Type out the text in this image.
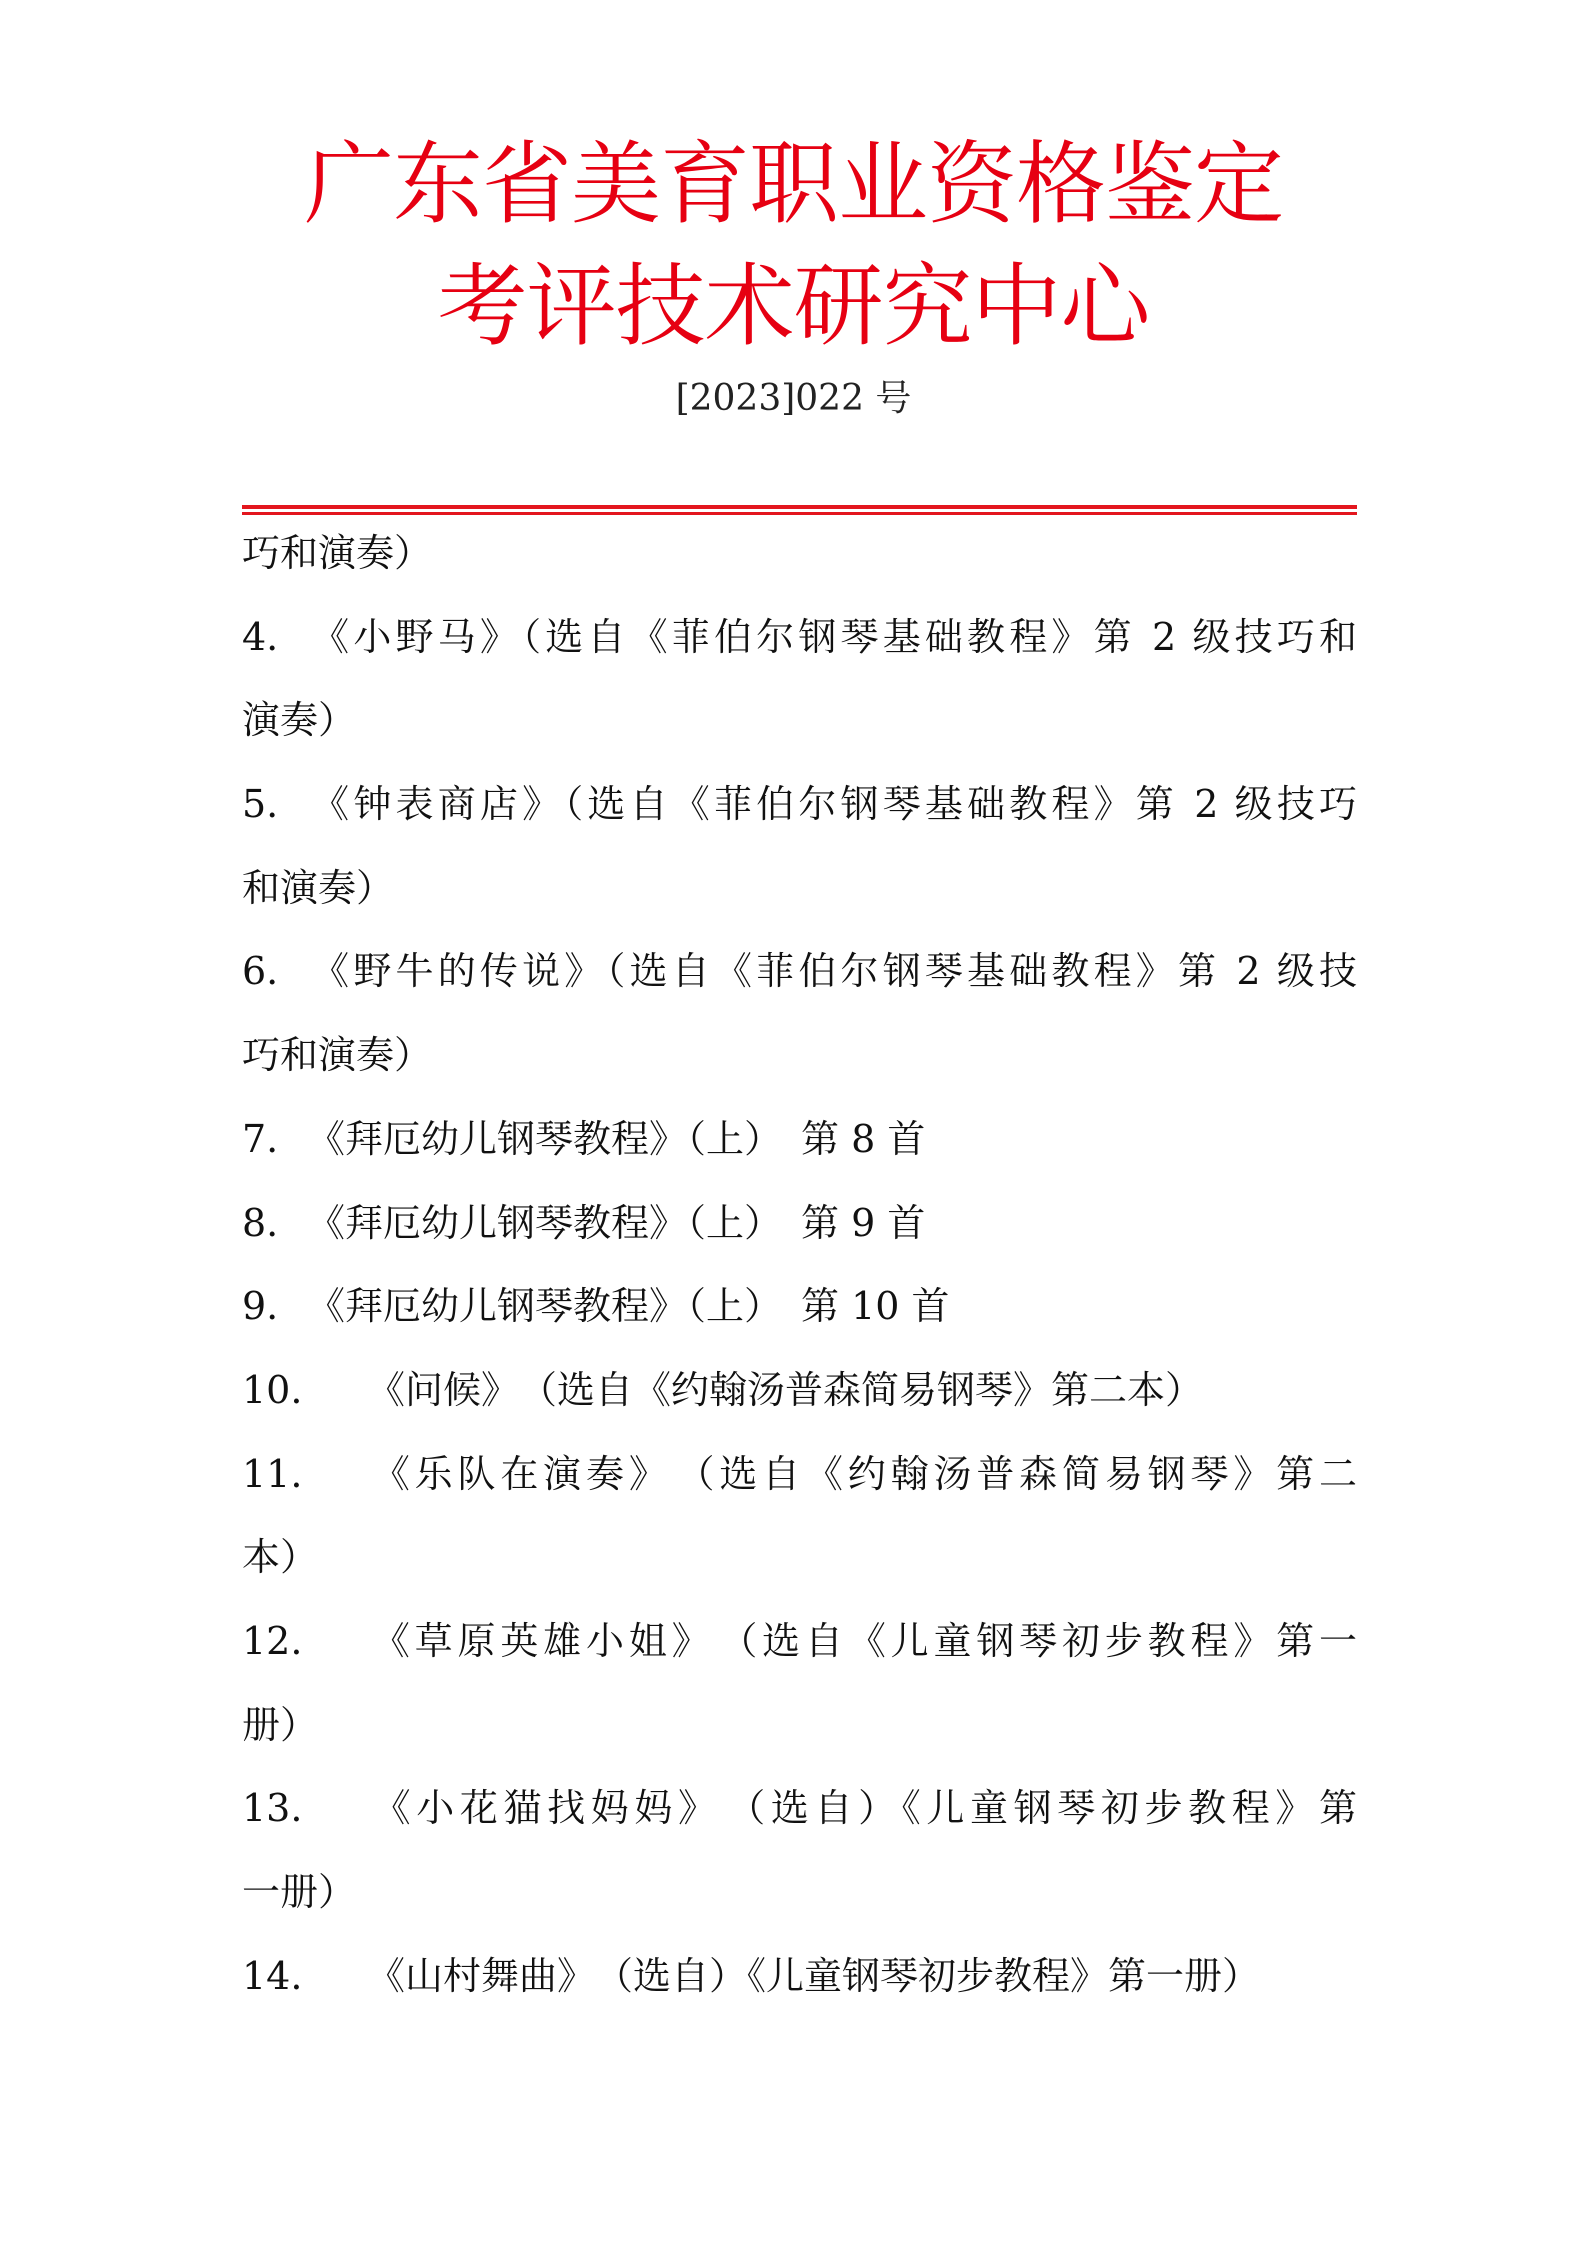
广东省美育职业资格鉴定
考评技术研究中心
[2023]022 号
巧和演奏）
4. 《小野马》（选自《菲伯尔钢琴基础教程》第 2 级技巧和
演奏）
5. 《钟表商店》（选自《菲伯尔钢琴基础教程》第 2 级技巧
和演奏）
6. 《野牛的传说》（选自《菲伯尔钢琴基础教程》第 2 级技
巧和演奏）
7. 《拜厄幼儿钢琴教程》（上）　第 8 首
8. 《拜厄幼儿钢琴教程》（上）　第 9 首
9. 《拜厄幼儿钢琴教程》（上）　第 10 首
10. 《问候》　（选自《约翰汤普森简易钢琴》第二本）
11. 《乐队在演奏》　（选自《约翰汤普森简易钢琴》第二
本）
12. 《草原英雄小姐》　（选自《儿童钢琴初步教程》第一
册）
13. 《小花猫找妈妈》　（选自）《儿童钢琴初步教程》第
一册）
14. 《山村舞曲》　（选自）《儿童钢琴初步教程》第一册）
